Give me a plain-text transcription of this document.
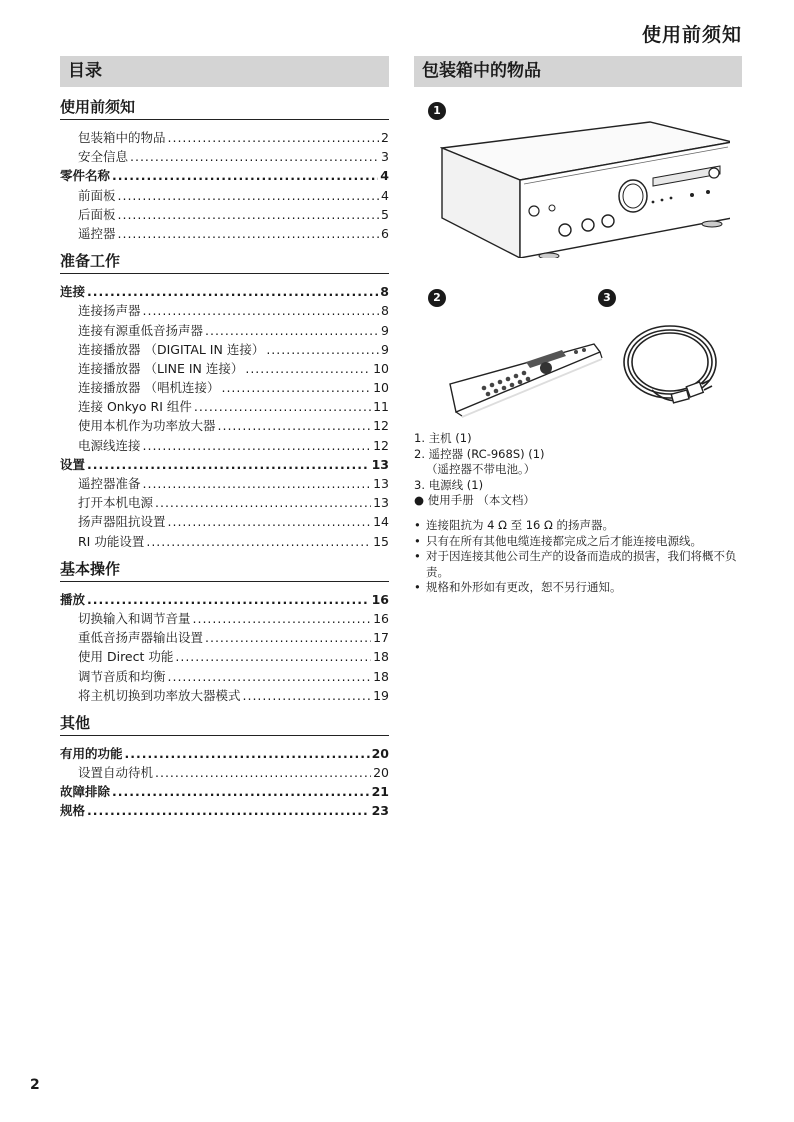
使用前须知
目录
使用前须知
包装箱中的物品 .....	2
安全信息 .....	3
零件名称 .....	4
前面板 .....	4
后面板 .....	5
遥控器 .....	6
准备工作
连接 .....	8
连接扬声器 .....	8
连接有源重低音扬声器 .....	9
连接播放器 （DIGITAL IN 连接） .....	9
连接播放器 （LINE IN 连接） .....	10
连接播放器 （唱机连接） .....	10
连接 Onkyo RI 组件 .....	11
使用本机作为功率放大器 .....	12
电源线连接 .....	12
设置 .....	13
遥控器准备 .....	13
打开本机电源 .....	13
扬声器阻抗设置 .....	14
RI 功能设置 .....	15
基本操作
播放 .....	16
切换输入和调节音量 .....	16
重低音扬声器输出设置 .....	17
使用 Direct 功能 .....	18
调节音质和均衡 .....	18
将主机切换到功率放大器模式 .....	19
其他
有用的功能 .....	20
设置自动待机 .....	20
故障排除 .....	21
规格 .....	23
包装箱中的物品
1
2	3
1. 主机 (1)
2. 遥控器 (RC-968S) (1)
（遥控器不带电池。）
3. 电源线 (1)
● 使用手册 （本文档）
• 连接阻抗为 4 Ω 至 16 Ω 的扬声器。
• 只有在所有其他电缆连接都完成之后才能连接电源线。
• 对于因连接其他公司生产的设备而造成的损害，我们将概不负责。
• 规格和外形如有更改，恕不另行通知。
2
